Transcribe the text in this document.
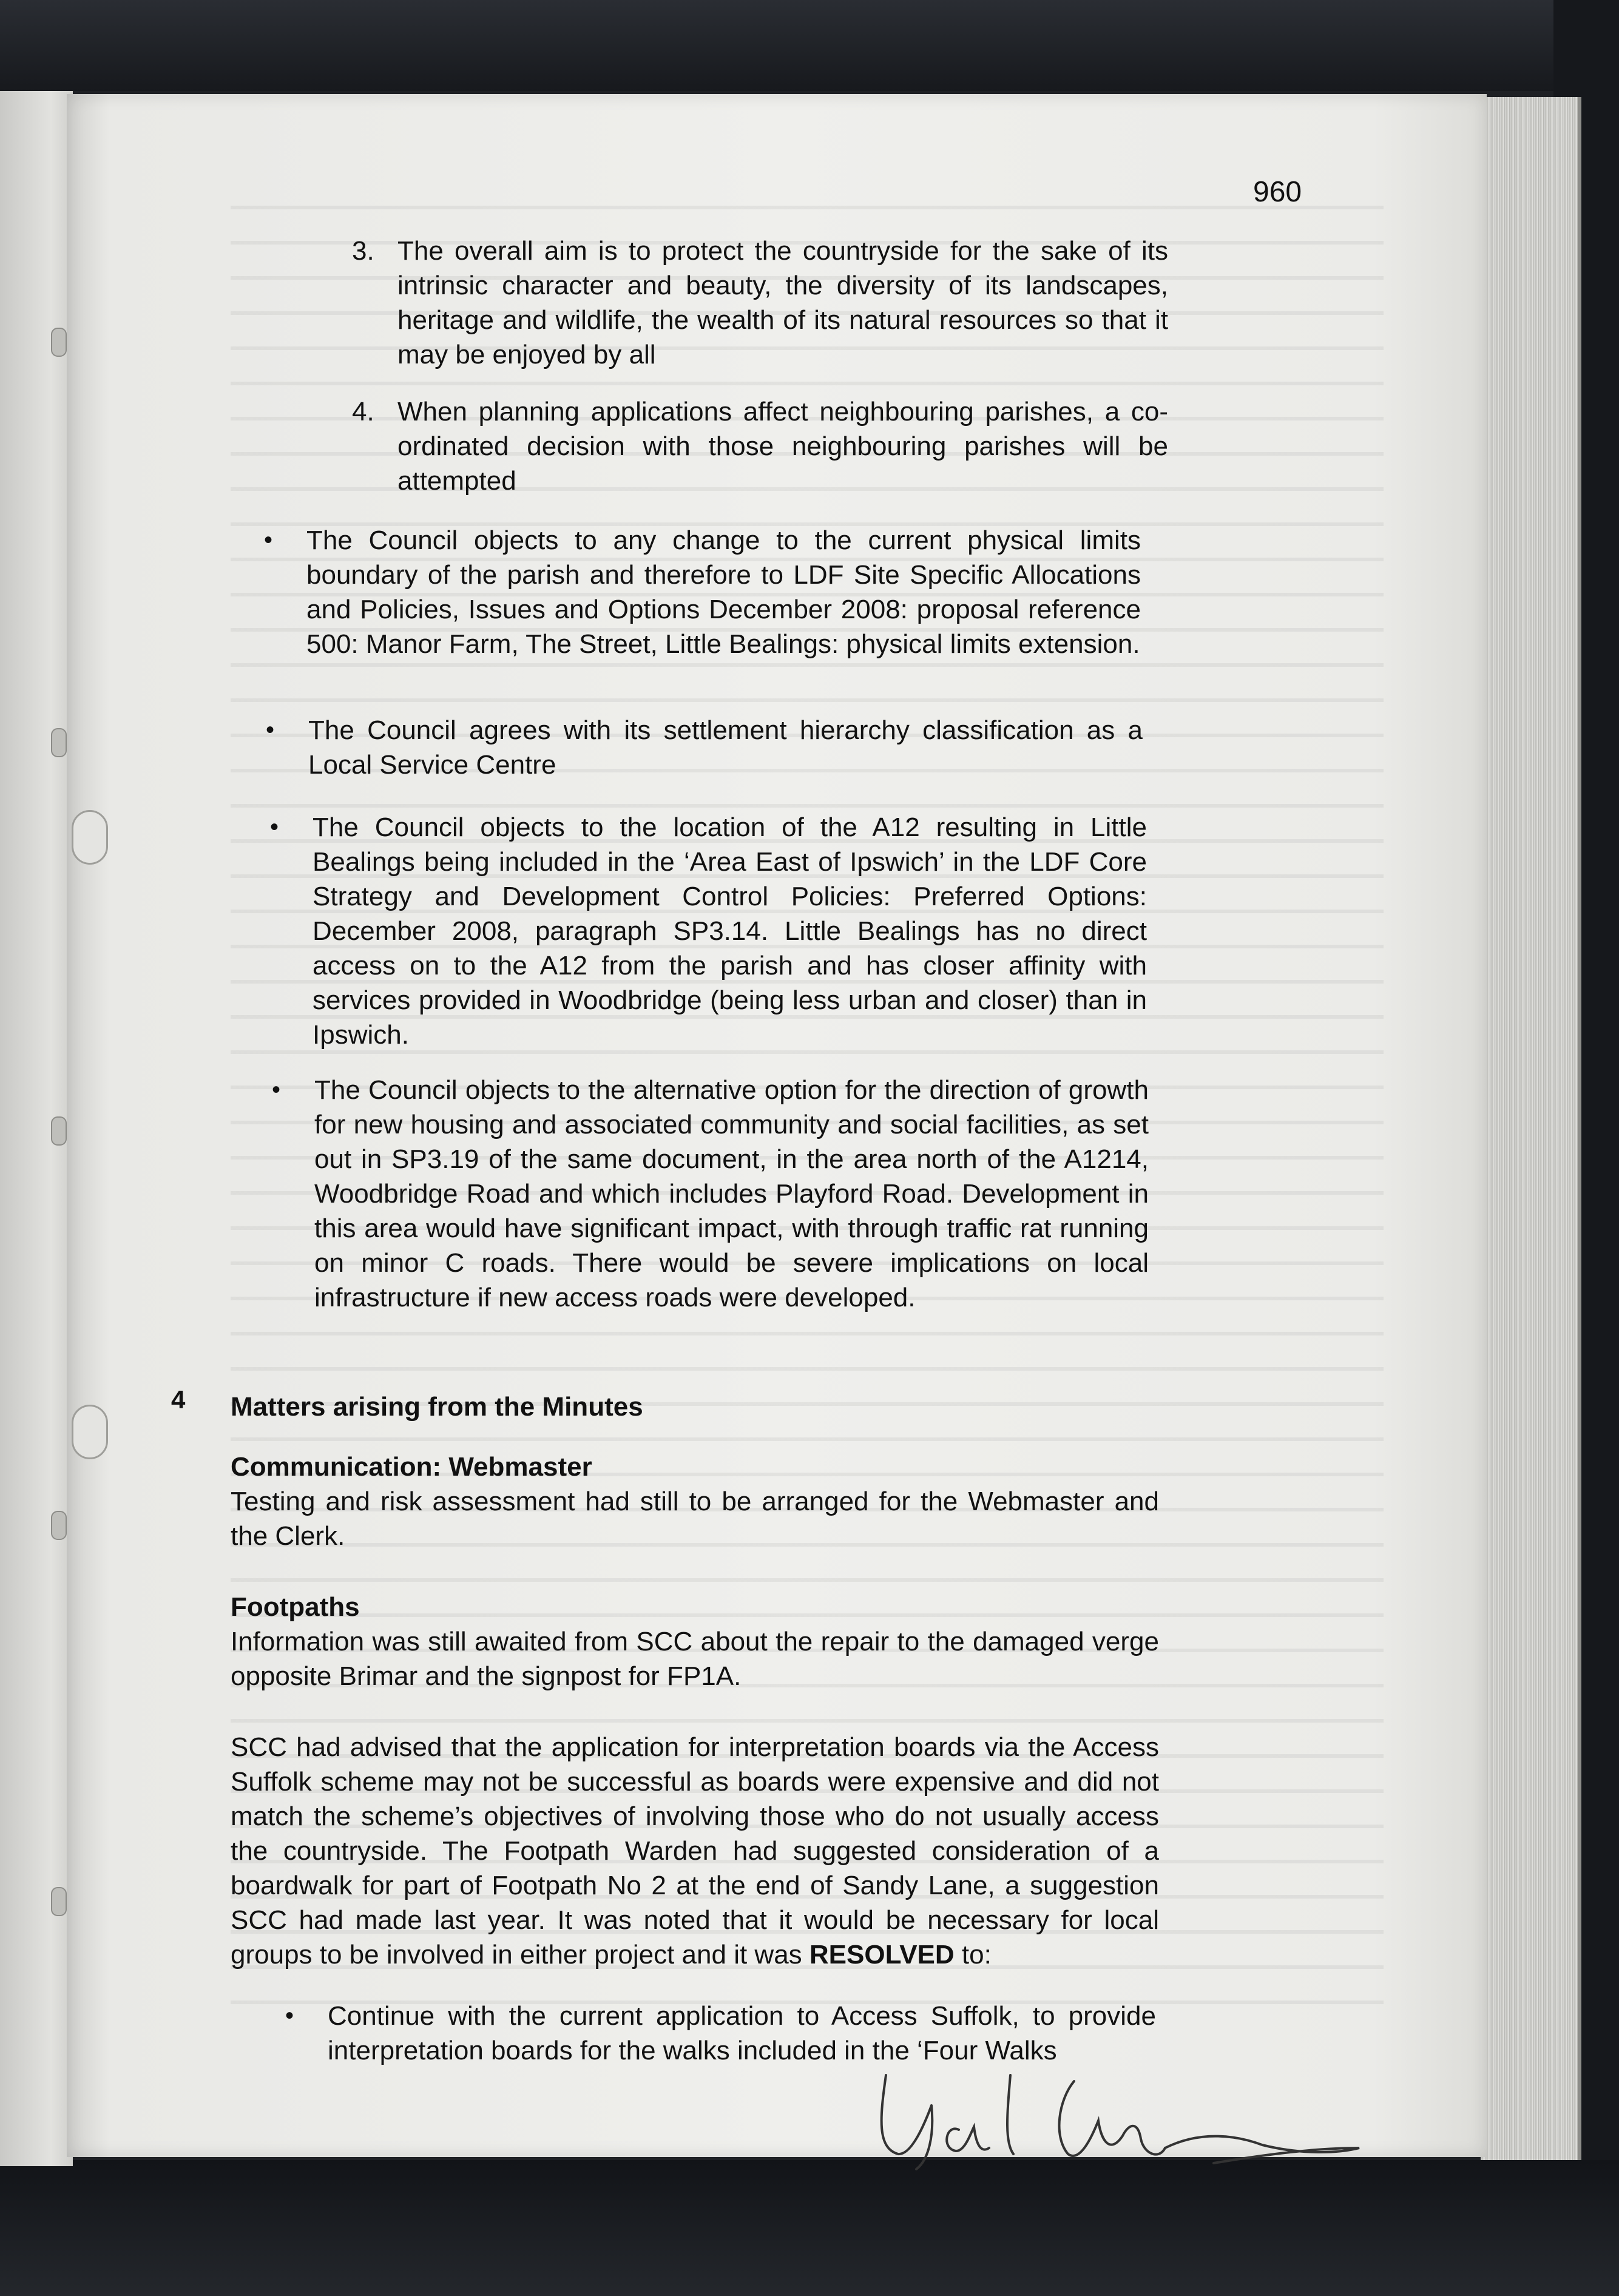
960
3. The overall aim is to protect the countryside for the sake of its intrinsic character and beauty, the diversity of its landscapes, heritage and wildlife, the wealth of its natural resources so that it may be enjoyed by all

4. When planning applications affect neighbouring parishes, a co-ordinated decision with those neighbouring parishes will be attempted

• The Council objects to any change to the current physical limits boundary of the parish and therefore to LDF Site Specific Allocations and Policies, Issues and Options December 2008: proposal reference 500: Manor Farm, The Street, Little Bealings: physical limits extension.

• The Council agrees with its settlement hierarchy classification as a Local Service Centre

• The Council objects to the location of the A12 resulting in Little Bealings being included in the ‘Area East of Ipswich’ in the LDF Core Strategy and Development Control Policies: Preferred Options: December 2008, paragraph SP3.14. Little Bealings has no direct access on to the A12 from the parish and has closer affinity with services provided in Woodbridge (being less urban and closer) than in Ipswich.

• The Council objects to the alternative option for the direction of growth for new housing and associated community and social facilities, as set out in SP3.19 of the same document, in the area north of the A1214, Woodbridge Road and which includes Playford Road. Development in this area would have significant impact, with through traffic rat running on minor C roads. There would be severe implications on local infrastructure if new access roads were developed.

4 Matters arising from the Minutes

Communication: Webmaster

Testing and risk assessment had still to be arranged for the Webmaster and the Clerk.

Footpaths

Information was still awaited from SCC about the repair to the damaged verge opposite Brimar and the signpost for FP1A.

SCC had advised that the application for interpretation boards via the Access Suffolk scheme may not be successful as boards were expensive and did not match the scheme’s objectives of involving those who do not usually access the countryside. The Footpath Warden had suggested consideration of a boardwalk for part of Footpath No 2 at the end of Sandy Lane, a suggestion SCC had made last year. It was noted that it would be necessary for local groups to be involved in either project and it was RESOLVED to:

• Continue with the current application to Access Suffolk, to provide interpretation boards for the walks included in the ‘Four Walks
